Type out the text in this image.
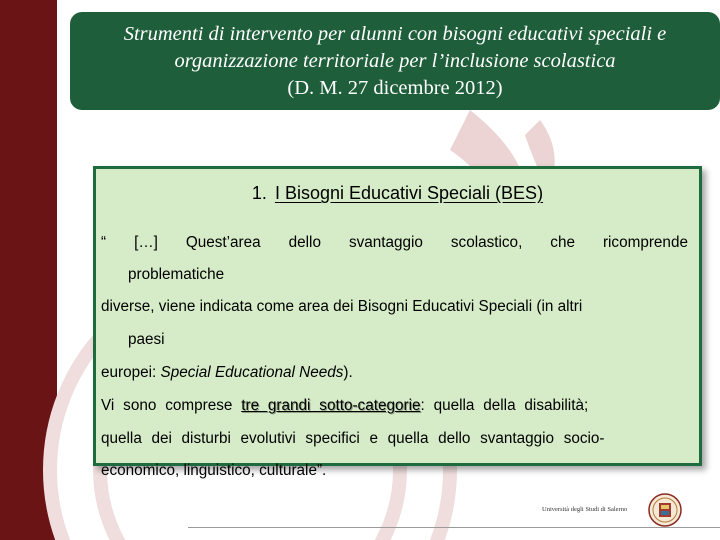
Strumenti di intervento per alunni con bisogni educativi speciali e
organizzazione territoriale per l’inclusione scolastica
(D. M. 27 dicembre 2012)
1. I Bisogni Educativi Speciali (BES)
“ […] Quest’area dello svantaggio scolastico, che ricomprende
problematiche
diverse, viene indicata come area dei Bisogni Educativi Speciali (in altri
paesi
europei: Special Educational Needs).
Vi sono comprese tre grandi sotto-categorie: quella della disabilità;
quella dei disturbi evolutivi specifici e quella dello svantaggio socio-
economico, linguistico, culturale”.
Università degli Studi di Salerno
